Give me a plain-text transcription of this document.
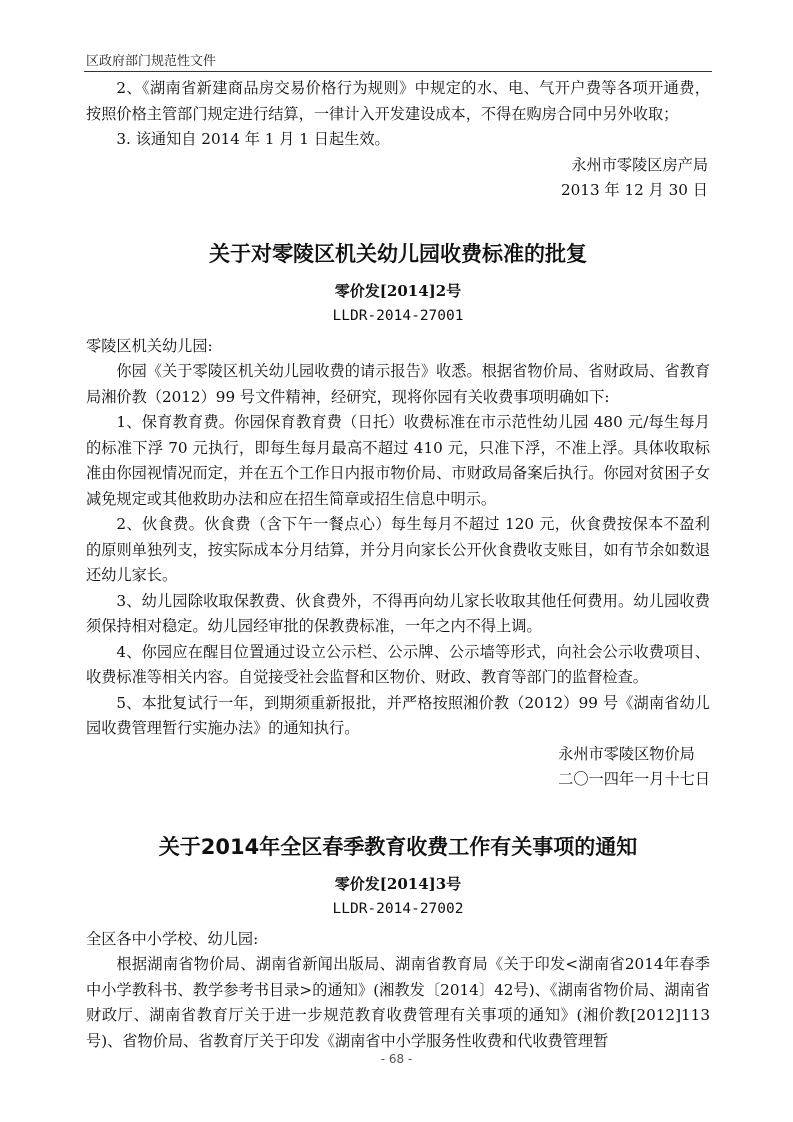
区政府部门规范性文件

2、《湖南省新建商品房交易价格行为规则》中规定的水、电、气开户费等各项开通费，按照价格主管部门规定进行结算，一律计入开发建设成本，不得在购房合同中另外收取；

3. 该通知自 2014 年 1 月 1 日起生效。

永州市零陵区房产局

2013 年 12 月 30 日

关于对零陵区机关幼儿园收费标准的批复
零价发[2014]2号
LLDR-2014-27001

零陵区机关幼儿园:

你园《关于零陵区机关幼儿园收费的请示报告》收悉。根据省物价局、省财政局、省教育局湘价教（2012）99 号文件精神，经研究，现将你园有关收费事项明确如下:

1、保育教育费。你园保育教育费（日托）收费标准在市示范性幼儿园 480 元/每生每月的标准下浮 70 元执行，即每生每月最高不超过 410 元，只准下浮，不准上浮。具体收取标准由你园视情况而定，并在五个工作日内报市物价局、市财政局备案后执行。你园对贫困子女减免规定或其他救助办法和应在招生简章或招生信息中明示。

2、伙食费。伙食费（含下午一餐点心）每生每月不超过 120 元，伙食费按保本不盈利的原则单独列支，按实际成本分月结算，并分月向家长公开伙食费收支账目，如有节余如数退还幼儿家长。

3、幼儿园除收取保教费、伙食费外，不得再向幼儿家长收取其他任何费用。幼儿园收费须保持相对稳定。幼儿园经审批的保教费标准，一年之内不得上调。

4、你园应在醒目位置通过设立公示栏、公示牌、公示墙等形式，向社会公示收费项目、收费标准等相关内容。自觉接受社会监督和区物价、财政、教育等部门的监督检查。

5、本批复试行一年，到期须重新报批，并严格按照湘价教（2012）99 号《湖南省幼儿园收费管理暂行实施办法》的通知执行。

永州市零陵区物价局

二〇一四年一月十七日

关于2014年全区春季教育收费工作有关事项的通知
零价发[2014]3号
LLDR-2014-27002

全区各中小学校、幼儿园:

根据湖南省物价局、湖南省新闻出版局、湖南省教育局《关于印发<湖南省2014年春季中小学教科书、教学参考书目录>的通知》(湘教发〔2014〕42号)、《湖南省物价局、湖南省财政厅、湖南省教育厅关于进一步规范教育收费管理有关事项的通知》(湘价教[2012]113号)、省物价局、省教育厅关于印发《湖南省中小学服务性收费和代收费管理暂

- 68 -
